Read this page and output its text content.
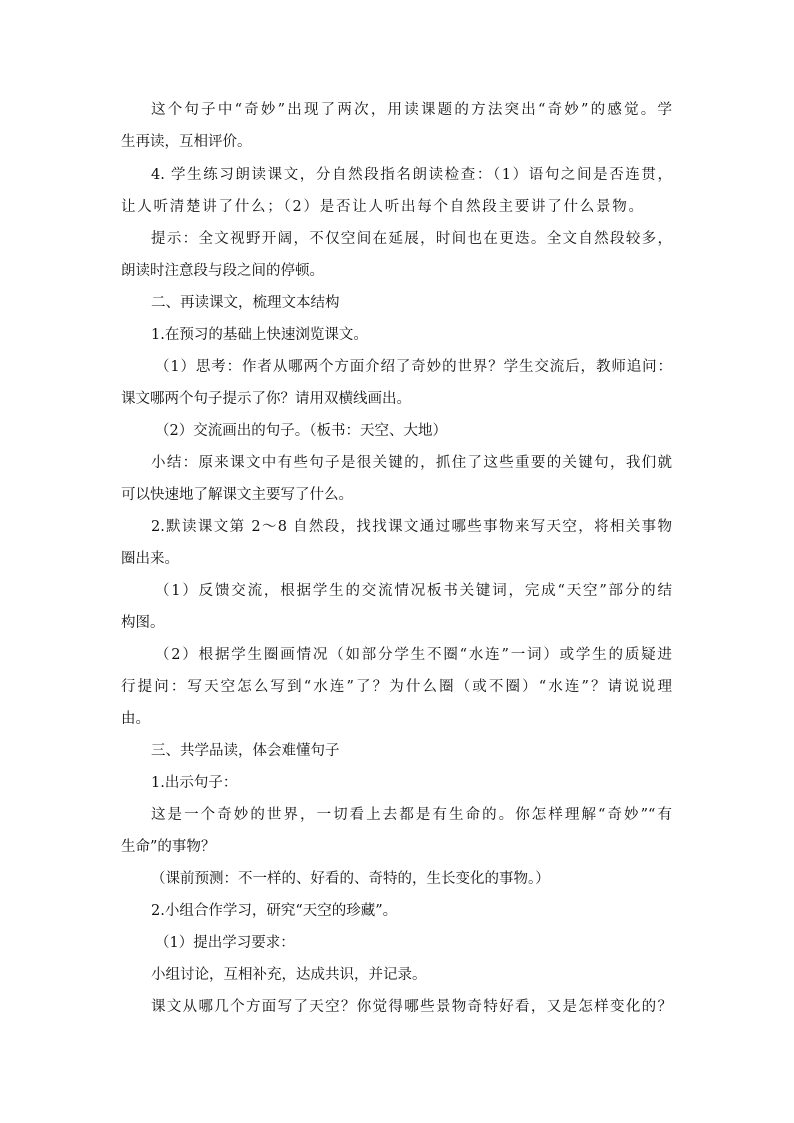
这个句子中“奇妙”出现了两次，用读课题的方法突出“奇妙”的感觉。学
生再读，互相评价。
4. 学生练习朗读课文，分自然段指名朗读检查：（1）语句之间是否连贯，
让人听清楚讲了什么；（2）是否让人听出每个自然段主要讲了什么景物。
提示：全文视野开阔，不仅空间在延展，时间也在更迭。全文自然段较多，
朗读时注意段与段之间的停顿。
二、再读课文，梳理文本结构
1.在预习的基础上快速浏览课文。
（1）思考：作者从哪两个方面介绍了奇妙的世界？学生交流后，教师追问：
课文哪两个句子提示了你？请用双横线画出。
（2）交流画出的句子。（板书：天空、大地）
小结：原来课文中有些句子是很关键的，抓住了这些重要的关键句，我们就
可以快速地了解课文主要写了什么。
2.默读课文第 2～8 自然段，找找课文通过哪些事物来写天空，将相关事物
圈出来。
（1）反馈交流，根据学生的交流情况板书关键词，完成“天空”部分的结
构图。
（2）根据学生圈画情况（如部分学生不圈“水连”一词）或学生的质疑进
行提问：写天空怎么写到“水连”了？为什么圈（或不圈）“水连”？请说说理
由。
三、共学品读，体会难懂句子
1.出示句子：
这是一个奇妙的世界，一切看上去都是有生命的。你怎样理解“奇妙”“有
生命”的事物？
（课前预测：不一样的、好看的、奇特的，生长变化的事物。）
2.小组合作学习，研究“天空的珍藏”。
（1）提出学习要求：
小组讨论，互相补充，达成共识，并记录。
课文从哪几个方面写了天空？你觉得哪些景物奇特好看，又是怎样变化的？
